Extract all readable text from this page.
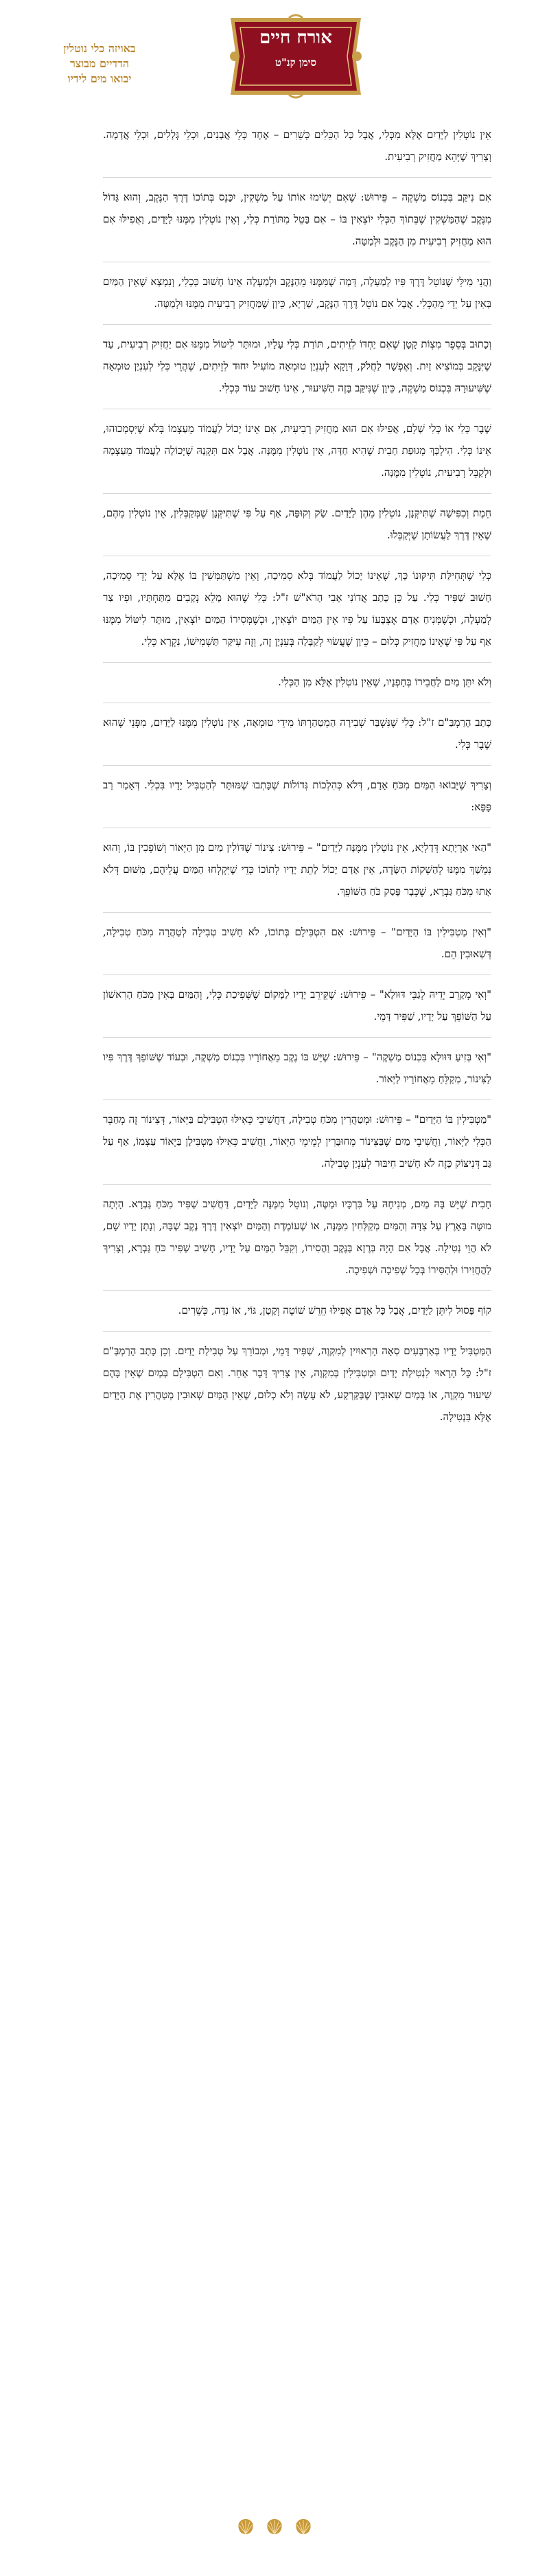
באויזה כלי נוטלין
הדדיים מבוצר
יבואו מים לידיו
אורח חיים
סימן קנ"ט

אֵין נוֹטְלִין לַיָּדַיִם אֶלָּא מִכְּלִי, אֲבָל כָּל הַכֵּלִים כְּשֵׁרִים – אֶחָד כְּלֵי אֲבָנִים, וּכְלֵי גְּלָלִים, וּכְלֵי אֲדָמָה. וְצָרִיךְ שֶׁיְּהֵא מַחֲזִיק רְבִיעִית.

אִם נִיקַּב בִּכְנוֹס מַשְׁקֶה – פֵּירוּשׁ: שֶׁאִם יְשִׂימוּ אוֹתוֹ עַל מַשְׁקִין, יִכָּנֵס בְּתוֹכוֹ דֶּרֶךְ הַנֶּקֶב, וְהוּא גָּדוֹל מִנֶּקֶב שֶׁהַמַּשְׁקִין שֶׁבְּתוֹךְ הַכְּלִי יוֹצְאִין בּוֹ – אִם בָּטֵל מִתּוֹרַת כְּלִי, וְאֵין נוֹטְלִין מִמֶּנּוּ לַיָּדַיִם, וַאֲפִילּוּ אִם הוּא מַחֲזִיק רְבִיעִית מִן הַנֶּקֶב וּלְמַטָּה.

וַהֲנֵי מִילֵּי שֶׁנּוֹטֵל דֶּרֶךְ פִּיו לְמַעְלָה, דְּמָה שֶׁמִּמֶּנּוּ מֵהַנֶּקֶב וּלְמַעְלָה אֵינוֹ חָשׁוּב כְּכְלִי, וְנִמְצָא שֶׁאֵין הַמַּיִם בָּאִין עַל יְדֵי מֵהַכְּלִי. אֲבָל אִם נוֹטֵל דֶּרֶךְ הַנֶּקֶב, שַׁרְיָא, כֵּיוָן שֶׁמַּחֲזִיק רְבִיעִית מִמֶּנּוּ וּלְמַטָּה.

וְכָתוּב בְּסֵפֶר מִצְוֹת קָטָן שֶׁאִם יַחְדּוֹ לִזֵיתִים, תּוֹרַת כְּלִי עָלָיו, וּמוּתָּר לִיטּוֹל מִמֶּנּוּ אִם יַחֲזִיק רְבִיעִית, עַד שֶׁיִּנָּקֵב בְּמוֹצִיא זַיִת. וְאֶפְשָׁר לַחֲלֹק, דְּוָקָא לְעִנְיַן טוּמְאָה מוֹעִיל יִחוּד לִזֵיתִים, שֶׁהֲרֵי כְּלִי לְעִנְיַן טוּמְאָה שֶׁשִּׁיעוּרָהּ בִּכְנוֹס מַשְׁקֶה, כֵּיוָן שֶׁנִּיקַּב בָּזֶה הַשִּׁיעוּר, אֵינוֹ חָשׁוּב עוֹד כִּכְלִי.

שֶׁבֶר כְּלִי אוֹ כְּלִי שָׁלֵם, אֲפִילּוּ אִם הוּא מַחֲזִיק רְבִיעִית, אִם אֵינוֹ יָכוֹל לַעֲמוֹד מֵעַצְמוֹ בְּלֹא שֶׁיִּסְמְכוּהוּ, אֵינוֹ כְּלִי. הִילְכָּךְ מְגוּפַת חָבִית שֶׁהִיא חַדָּה, אֵין נוֹטְלִין מִמֶּנָּה. אֲבָל אִם תִּקְּנָהּ שֶׁיְּכוֹלָה לַעֲמוֹד מֵעַצְמָהּ וּלְקַבֵּל רְבִיעִית, נוֹטְלִין מִמֶּנָּה.

חֵמֶת וְכִפִּישָׁה שֶׁתִּיקְּנָן, נוֹטְלִין מֵהֶן לַיָּדַיִם. שַׂק וְקוּפָּה, אַף עַל פִּי שֶׁתִּיקְּנָן שֶׁמְּקַבְּלִין, אֵין נוֹטְלִין מֵהֶם, שֶׁאֵין דֶּרֶךְ לַעֲשׂוֹתָן שֶׁיְּקַבְּלוּ.

כְּלִי שֶׁתְּחִילַּת תִּיקּוּנוֹ כָּךְ, שֶׁאֵינוֹ יָכוֹל לַעֲמוֹד בְּלֹא סְמִיכָה, וְאֵין מִשְׁתַּמְּשִׁין בּוֹ אֶלָּא עַל יְדֵי סְמִיכָה, חָשׁוּב שַׁפִּיר כְּלִי. עַל כֵּן כָּתַב אֲדוֹנִי אָבִי הָרֹא"שׁ ז"ל: כְּלִי שֶׁהוּא מָלֵא נְקָבִים מִתַּחְתָּיו, וּפִיו צַר לְמַעְלָה, וּכְשֶׁמְּנִיחַ אָדָם אֶצְבָּעוֹ עַל פִּיו אֵין הַמַּיִם יוֹצְאִין, וּכְשֶׁמְּסִירוֹ הַמַּיִם יוֹצְאִין, מוּתָּר לִיטּוֹל מִמֶּנּוּ אַף עַל פִּי שֶׁאֵינוֹ מַחֲזִיק כְּלוּם – כֵּיוָן שֶׁעֲשׂוּי לְקַבָּלָה בְּעִנְיָן זֶה, וְזֶה עִיקַּר תַּשְׁמִישׁוֹ, נִקְרָא כְּלִי.

וְלֹא יִתֵּן מַיִם לַחֲבֵירוֹ בְּחָפְנָיו, שֶׁאֵין נוֹטְלִין אֶלָּא מִן הַכְּלִי.

כָּתַב הָרַמְבַּ"ם ז"ל: כְּלִי שֶׁנִּשְׁבַּר שְׁבִירָה הַמְטַהַרְתּוֹ מִידֵי טוּמְאָה, אֵין נוֹטְלִין מִמֶּנּוּ לַיָּדַיִם, מִפְּנֵי שֶׁהוּא שֶׁבֶר כְּלִי.

וְצָרִיךְ שֶׁיָּבוֹאוּ הַמַּיִם מִכֹּחַ אָדָם, דְּלֹא כְּהִלְכוֹת גְּדוֹלוֹת שֶׁכָּתְבוּ שֶׁמּוּתָּר לְהַטְבִּיל יָדָיו בִּכְלִי. דְּאָמַר רַב פָּפָּא:

"הַאי אַרְיָתָא דְּדָלְיָא, אֵין נוֹטְלִין מִמֶּנָּה לַיָּדַיִם" – פֵּירוּשׁ: צִינוֹר שֶׁדּוֹלִין מַיִם מִן הַיְּאוֹר וְשׁוֹפְכִין בּוֹ, וְהוּא נִמְשָׁךְ מִמֶּנּוּ לְהַשְׁקוֹת הַשָּׂדֶה, אֵין אָדָם יָכוֹל לָתֵת יָדָיו לְתוֹכוֹ כְּדֵי שֶׁיִּקְלְחוּ הַמַּיִם עֲלֵיהֶם, מִשּׁוּם דְּלֹא אָתוּ מִכֹּחַ גַּבְרָא, שֶׁכְּבָר פָּסַק כֹּחַ הַשּׁוֹפֵךְ.

"וְאִין מַטְבִּילִין בּוֹ הַיָּדַיִם" – פֵּירוּשׁ: אִם הִטְבִּילָם בְּתוֹכוֹ, לֹא חָשִׁיב טְבִילָה לְטַהֲרָה מִכֹּחַ טְבִילָה, דְּשְׁאוּבִין הֵם.

"וְאִי מְקָרֵב יְדֵיהּ לְגַבֵּי דּוּולָא" – פֵּירוּשׁ: שֶׁקֵּירֵב יָדָיו לַמָּקוֹם שֶׁשְּׁפִיכַת כְּלִי, וְהַמַּיִם בָּאִין מִכֹּחַ הָרִאשׁוֹן עַל הַשּׁוֹפֵךְ עַל יָדָיו, שַׁפִּיר דָּמֵי.

"וְאִי בְּזִיעַ דּוּולָא בִּכְנוֹס מַשְׁקֶה" – פֵּירוּשׁ: שֶׁיֵּשׁ בּוֹ נֶקֶב מֵאֲחוֹרָיו בִּכְנוֹס מַשְׁקֶה, וּבְעוֹד שֶׁשּׁוֹפֵךְ דֶּרֶךְ פִּיו לַצִּינוֹר, מְקַלֵּחַ מֵאֲחוֹרָיו לַיְּאוֹר.

"מַטְבִּילִין בּוֹ הַיָּדַיִם" – פֵּירוּשׁ: וּמְטַהֲרִין מִכֹּחַ טְבִילָה, דַּחֲשִׁיבֵי כְּאִילּוּ הִטְבִּילָם בַּיְּאוֹר, דְּצִינוֹר זֶה מְחַבֵּר הַכְּלִי לַיְּאוֹר, וַחֲשִׁיבֵי מַיִם שֶׁבַּצִּינוֹר מְחוּבָּרִין לְמֵימֵי הַיְּאוֹר, וַחֲשִׁיב כְּאִילּוּ מַטְבִּילָן בַּיְּאוֹר עַצְמוֹ, אַף עַל גַּב דְּנִיצּוֹק כָּזֶה לֹא חָשִׁיב חִיבּוּר לְעִנְיַן טְבִילָה.

חָבִית שֶׁיֵּשׁ בָּהּ מַיִם, מְנִיחָהּ עַל בִּרְכָּיו וּמַטֶּה, וְנוֹטֵל מִמֶּנָּה לַיָּדַיִם, דַּחֲשִׁיב שַׁפִּיר מִכֹּחַ גַּבְרָא. הָיְתָה מוּטָּה בָּאָרֶץ עַל צִדָּהּ וְהַמַּיִם מְקַלְּחִין מִמֶּנָּה, אוֹ שֶׁעוֹמֶדֶת וְהַמַּיִם יוֹצְאִין דֶּרֶךְ נֶקֶב שֶׁבָּהּ, וְנָתַן יָדָיו שָׁם, לֹא הֲוֵי נְטִילָה. אֲבָל אִם הָיָה בְּרֶזָא בַּנֶּקֶב וַהֲסִירוֹ, וְקִבֵּל הַמַּיִם עַל יָדָיו, חָשִׁיב שַׁפִּיר כֹּחַ גַּבְרָא, וְצָרִיךְ לַהֲחֲזִירוֹ וּלְהַסִּירוֹ בְּכָל שְׁפִיכָה וּשְׁפִיכָה.

קוֹף פָּסוּל לִיתֵּן לַיָּדַיִם, אֲבָל כָּל אָדָם אֲפִילּוּ חֵרֵשׁ שׁוֹטֶה וְקָטָן, גּוֹי, אוֹ נִדָּה, כְּשֵׁרִים.

הַמַּטְבִּיל יָדָיו בְּאַרְבָּעִים סְאָה הָרְאוּיִין לְמִקְוֶה, שַׁפִּיר דָּמֵי, וּמְבוֹרֵךְ עַל טְבִילַת יָדַיִם. וְכֵן כָּתַב הָרַמְבַּ"ם ז"ל: כָּל הָרָאוּי לִנְטִילַת יָדַיִם וּמַטְבִּילִין בְּמִקְוֶה, אֵין צָרִיךְ דָּבָר אַחֵר. וְאִם הִטְבִּילָם בְּמַיִם שֶׁאֵין בָּהֶם שִׁיעוּר מִקְוֶה, אוֹ בְּמַיִם שְׁאוּבִין שֶׁבַּקַּרְקַע, לֹא עָשָׂה וְלֹא כְלוּם, שֶׁאֵין הַמַּיִם שְׁאוּבִין מְטַהֲרִין אֶת הַיָּדַיִם אֶלָּא בִּנְטִילָה.
